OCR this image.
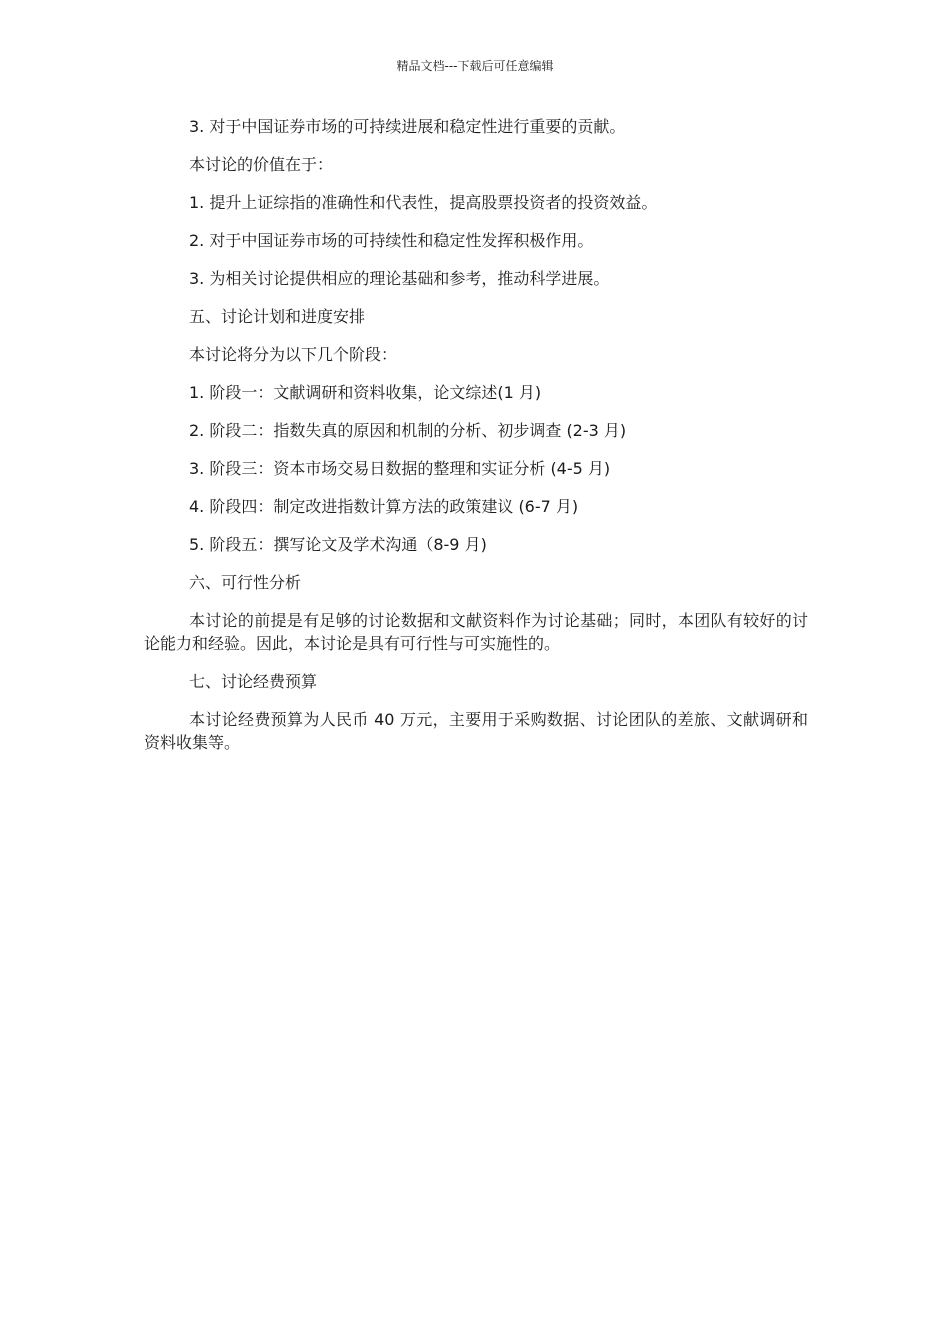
精品文档---下载后可任意编辑

3. 对于中国证券市场的可持续进展和稳定性进行重要的贡献。

本讨论的价值在于：

1. 提升上证综指的准确性和代表性，提高股票投资者的投资效益。

2. 对于中国证券市场的可持续性和稳定性发挥积极作用。

3. 为相关讨论提供相应的理论基础和参考，推动科学进展。

五、讨论计划和进度安排

本讨论将分为以下几个阶段：

1. 阶段一：文献调研和资料收集，论文综述(1 月)

2. 阶段二：指数失真的原因和机制的分析、初步调查 (2-3 月)

3. 阶段三：资本市场交易日数据的整理和实证分析 (4-5 月)

4. 阶段四：制定改进指数计算方法的政策建议 (6-7 月)

5. 阶段五：撰写论文及学术沟通（8-9 月)

六、可行性分析

本讨论的前提是有足够的讨论数据和文献资料作为讨论基础；同时，本团队有较好的讨论能力和经验。因此，本讨论是具有可行性与可实施性的。

七、讨论经费预算

本讨论经费预算为人民币 40 万元，主要用于采购数据、讨论团队的差旅、文献调研和资料收集等。
